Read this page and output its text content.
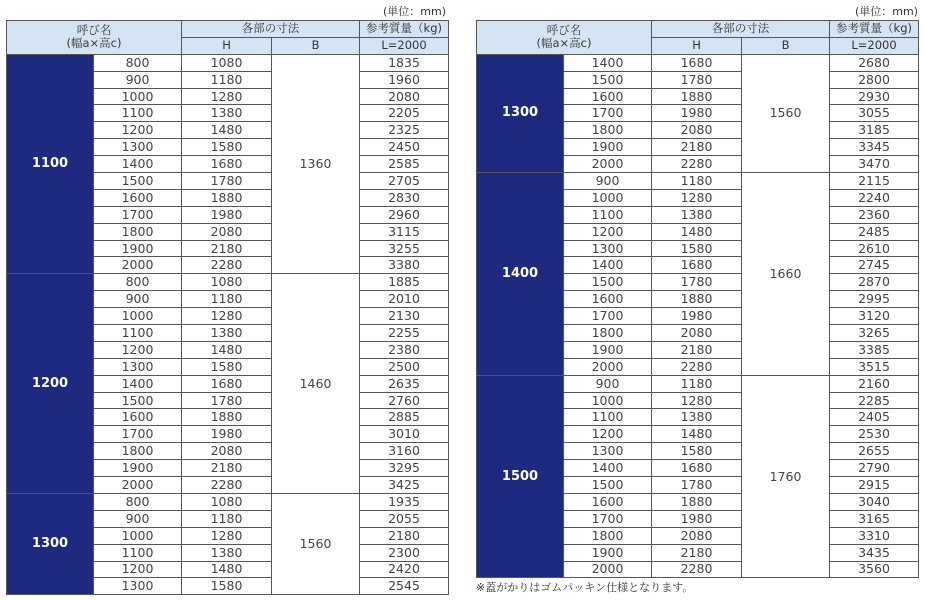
(単位：mm)
呼び名
(幅a×高c)		各部の寸法		参考質量（kg)
		H	B	L=2000
1100	800	1080	1360	1835
	900	1180		1960
	1000	1280		2080
	1100	1380		2205
	1200	1480		2325
	1300	1580		2450
	1400	1680		2585
	1500	1780		2705
	1600	1880		2830
	1700	1980		2960
	1800	2080		3115
	1900	2180		3255
	2000	2280		3380
1200	800	1080	1460	1885
	900	1180		2010
	1000	1280		2130
	1100	1380		2255
	1200	1480		2380
	1300	1580		2500
	1400	1680		2635
	1500	1780		2760
	1600	1880		2885
	1700	1980		3010
	1800	2080		3160
	1900	2180		3295
	2000	2280		3425
1300	800	1080	1560	1935
	900	1180		2055
	1000	1280		2180
	1100	1380		2300
	1200	1480		2420
	1300	1580		2545
(単位：mm)
呼び名
(幅a×高c)		各部の寸法		参考質量（kg)
		H	B	L=2000
1300	1400	1680	1560	2680
	1500	1780		2800
	1600	1880		2930
	1700	1980		3055
	1800	2080		3185
	1900	2180		3345
	2000	2280		3470
1400	900	1180	1660	2115
	1000	1280		2240
	1100	1380		2360
	1200	1480		2485
	1300	1580		2610
	1400	1680		2745
	1500	1780		2870
	1600	1880		2995
	1700	1980		3120
	1800	2080		3265
	1900	2180		3385
	2000	2280		3515
1500	900	1180	1760	2160
	1000	1280		2285
	1100	1380		2405
	1200	1480		2530
	1300	1580		2655
	1400	1680		2790
	1500	1780		2915
	1600	1880		3040
	1700	1980		3165
	1800	2080		3310
	1900	2180		3435
	2000	2280		3560
※蓋がかりはゴムパッキン仕様となります。
